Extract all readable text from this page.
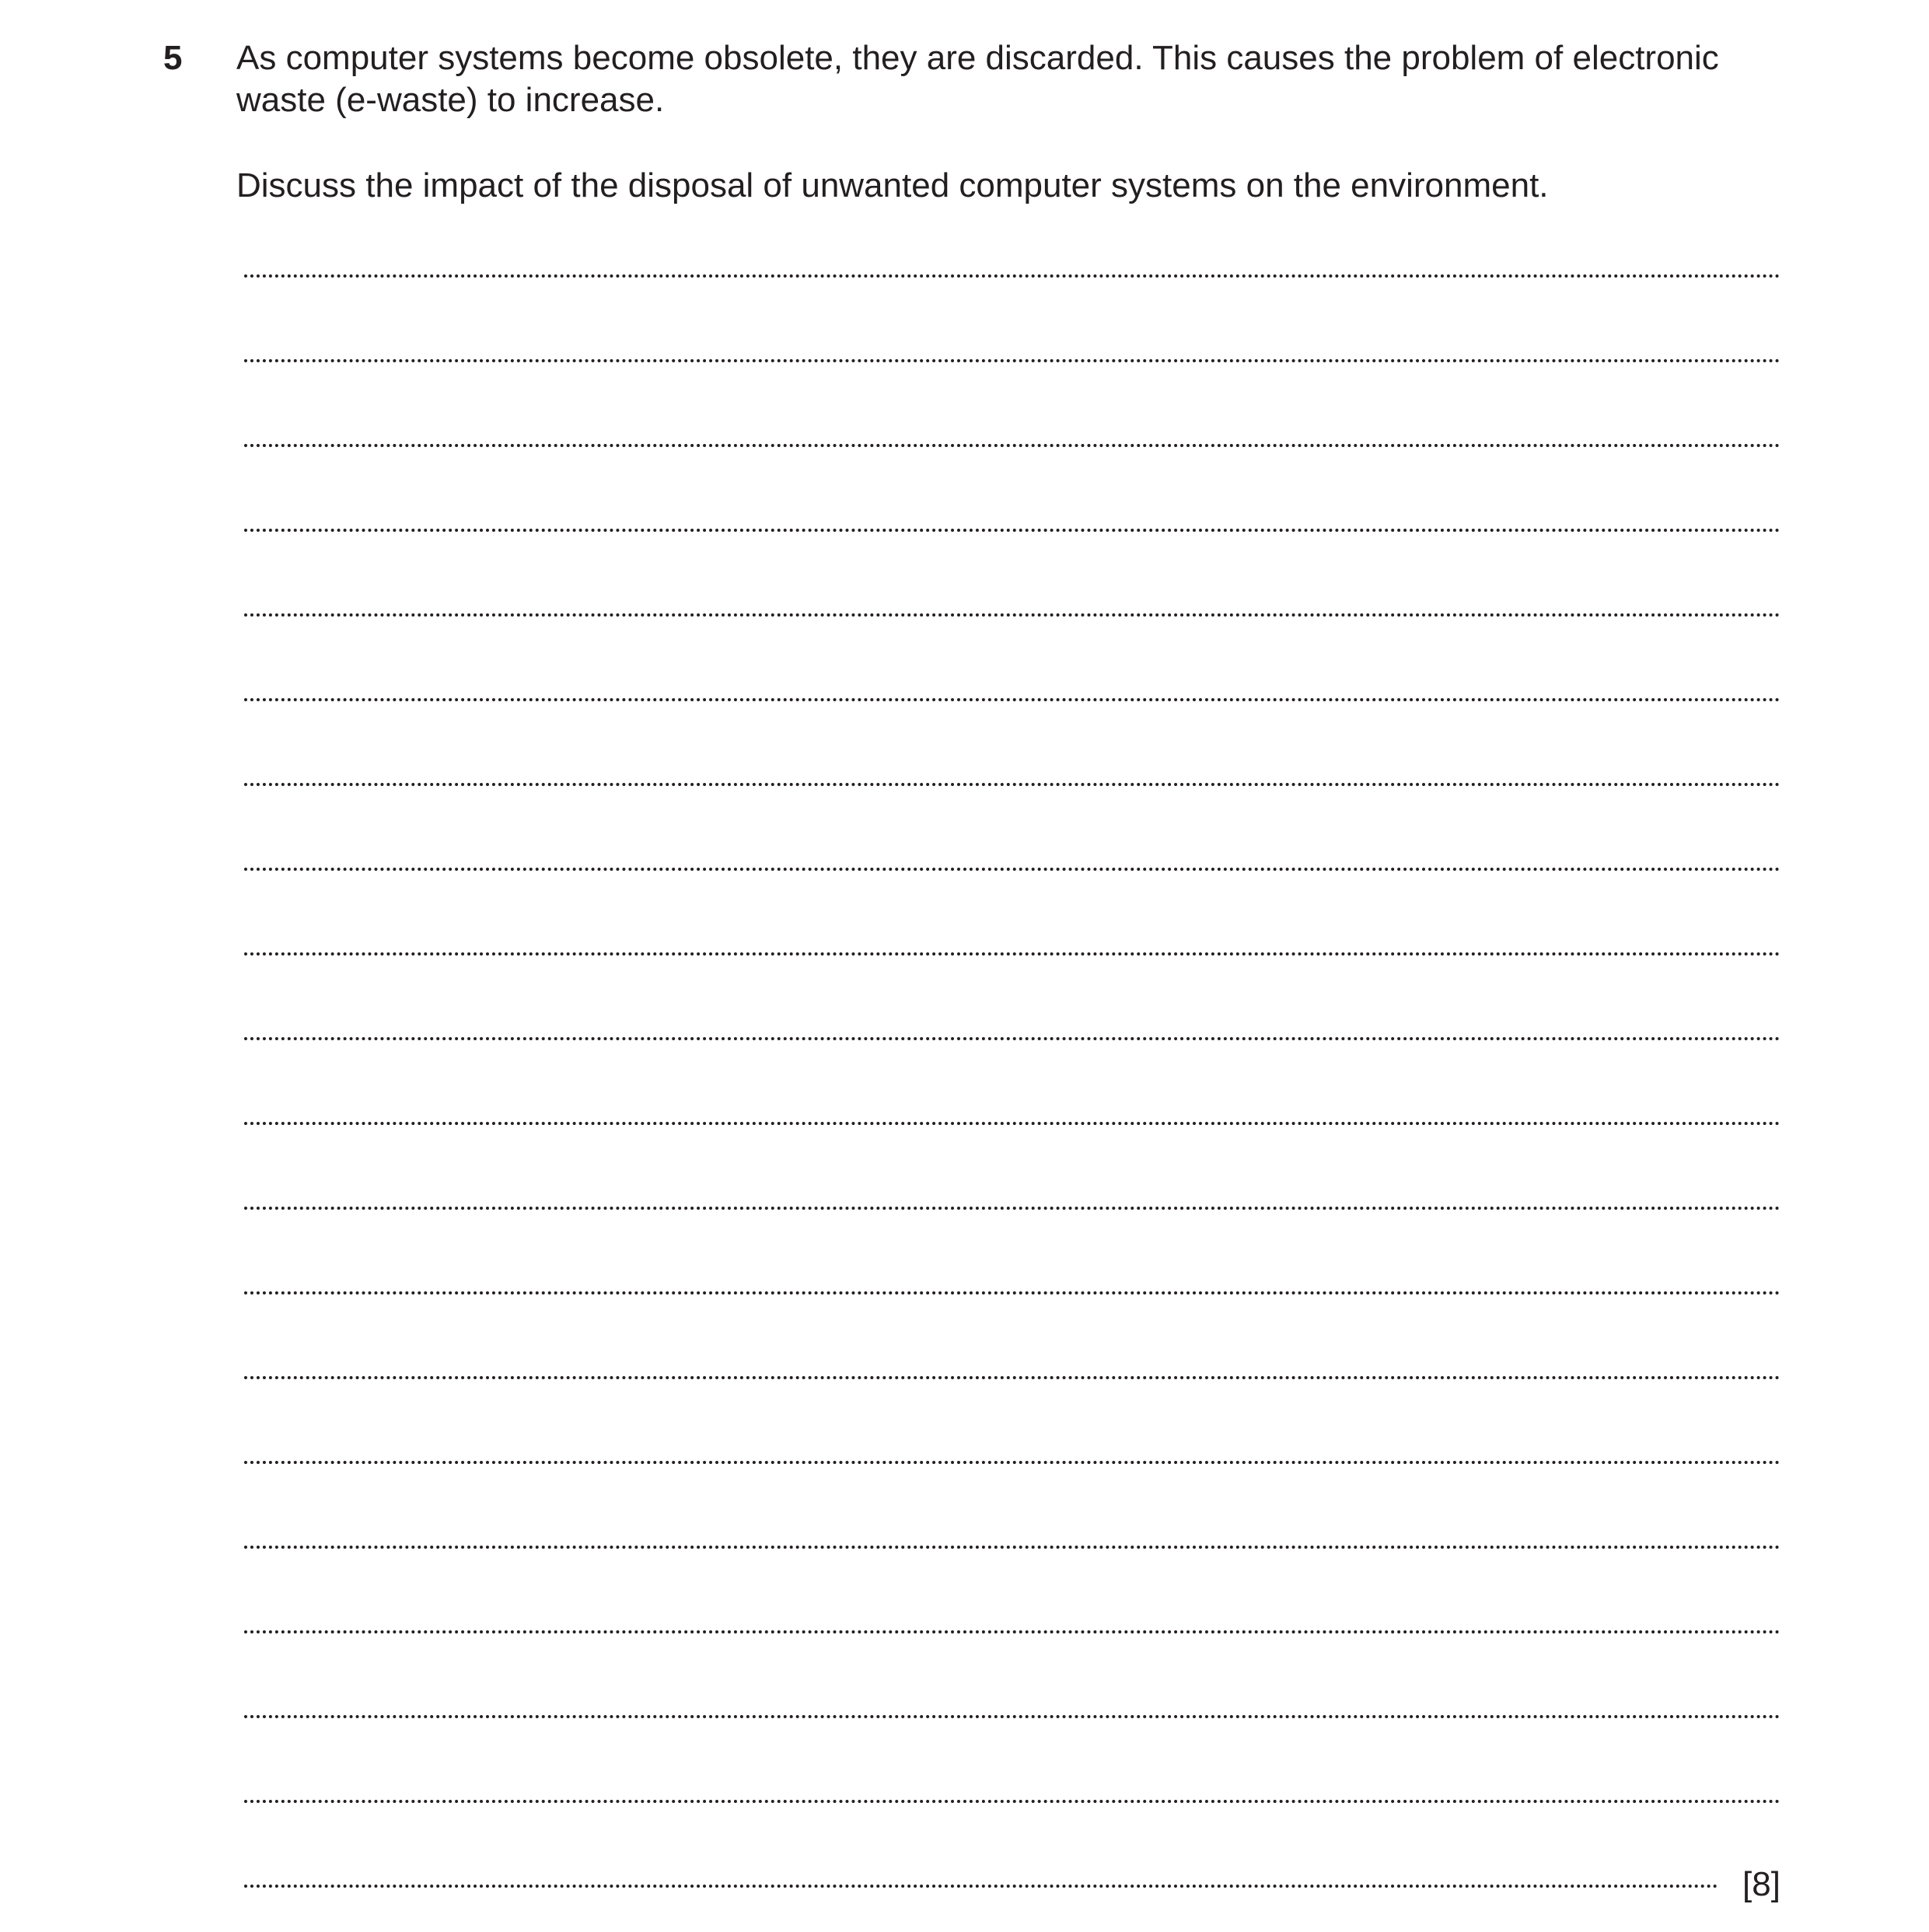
5 As computer systems become obsolete, they are discarded. This causes the problem of electronic

waste (e-waste) to increase.

Discuss the impact of the disposal of unwanted computer systems on the environment.
[8]
